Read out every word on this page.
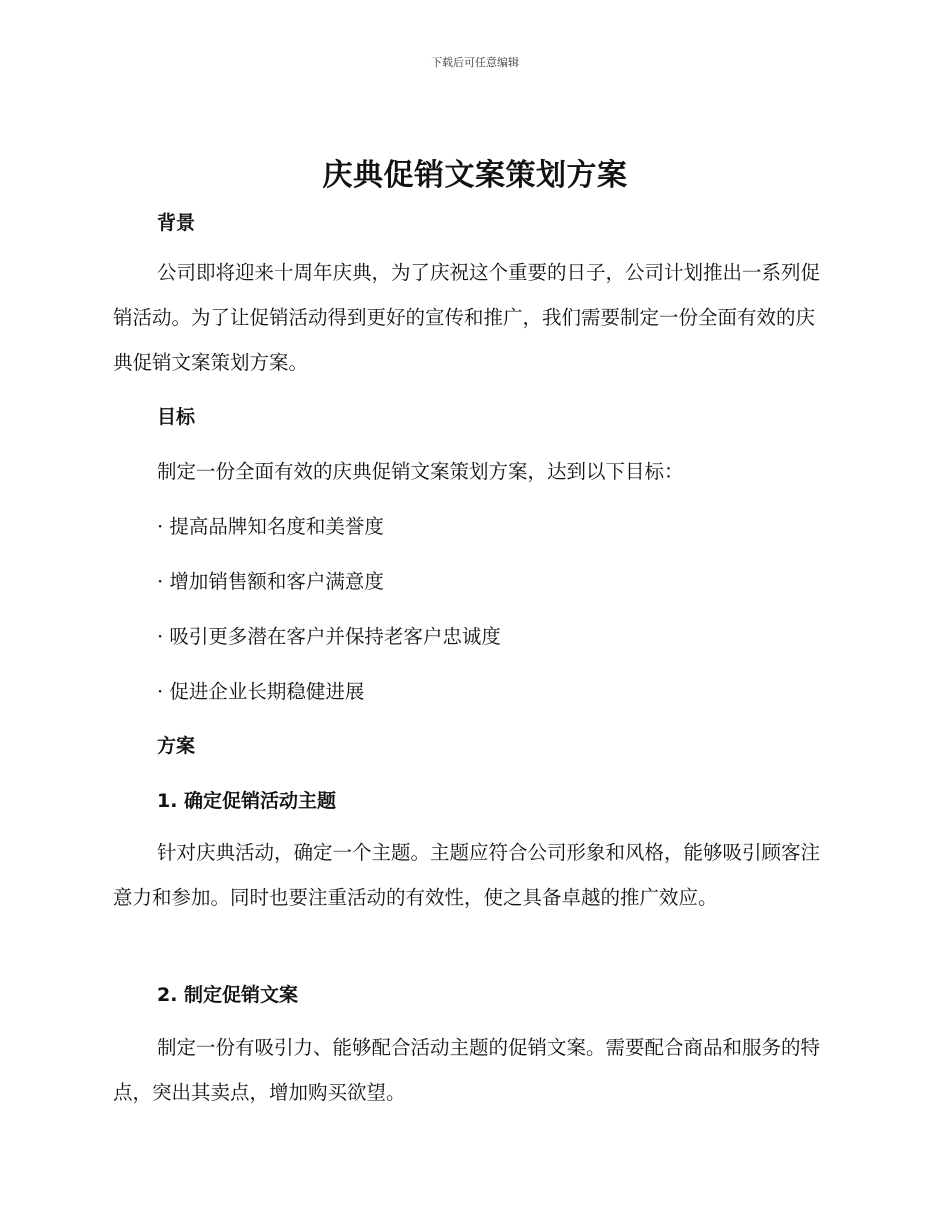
下载后可任意编辑
庆典促销文案策划方案
背景

公司即将迎来十周年庆典，为了庆祝这个重要的日子，公司计划推出一系列促销活动。为了让促销活动得到更好的宣传和推广，我们需要制定一份全面有效的庆典促销文案策划方案。

目标
制定一份全面有效的庆典促销文案策划方案，达到以下目标：
· 提高品牌知名度和美誉度
· 增加销售额和客户满意度
· 吸引更多潜在客户并保持老客户忠诚度
· 促进企业长期稳健进展
方案
1. 确定促销活动主题

针对庆典活动，确定一个主题。主题应符合公司形象和风格，能够吸引顾客注意力和参加。同时也要注重活动的有效性，使之具备卓越的推广效应。

2. 制定促销文案

制定一份有吸引力、能够配合活动主题的促销文案。需要配合商品和服务的特点，突出其卖点，增加购买欲望。
